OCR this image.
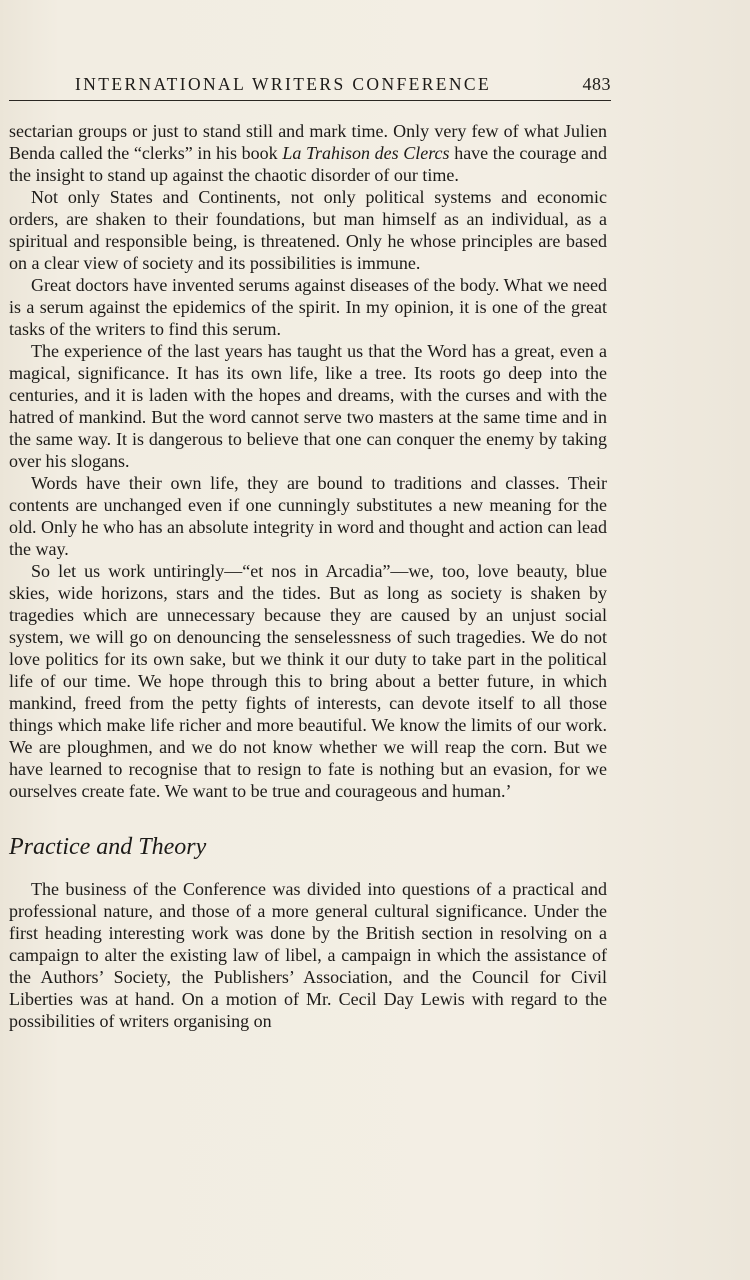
INTERNATIONAL WRITERS CONFERENCE	483

sectarian groups or just to stand still and mark time. Only very few of what Julien Benda called the “clerks” in his book La Trahison des Clercs have the courage and the insight to stand up against the chaotic disorder of our time.

Not only States and Continents, not only political systems and economic orders, are shaken to their foundations, but man himself as an individual, as a spiritual and responsible being, is threatened. Only he whose principles are based on a clear view of society and its possibilities is immune.

Great doctors have invented serums against diseases of the body. What we need is a serum against the epidemics of the spirit. In my opinion, it is one of the great tasks of the writers to find this serum.

The experience of the last years has taught us that the Word has a great, even a magical, significance. It has its own life, like a tree. Its roots go deep into the centuries, and it is laden with the hopes and dreams, with the curses and with the hatred of mankind. But the word cannot serve two masters at the same time and in the same way. It is dangerous to believe that one can conquer the enemy by taking over his slogans.

Words have their own life, they are bound to traditions and classes. Their contents are unchanged even if one cunningly substitutes a new meaning for the old. Only he who has an absolute integrity in word and thought and action can lead the way.

So let us work untiringly—“et nos in Arcadia”—we, too, love beauty, blue skies, wide horizons, stars and the tides. But as long as society is shaken by tragedies which are unnecessary because they are caused by an unjust social system, we will go on denouncing the senselessness of such tragedies. We do not love politics for its own sake, but we think it our duty to take part in the political life of our time. We hope through this to bring about a better future, in which mankind, freed from the petty fights of interests, can devote itself to all those things which make life richer and more beautiful. We know the limits of our work. We are ploughmen, and we do not know whether we will reap the corn. But we have learned to recognise that to resign to fate is nothing but an evasion, for we ourselves create fate. We want to be true and courageous and human.’

Practice and Theory

The business of the Conference was divided into questions of a practical and professional nature, and those of a more general cultural significance. Under the first heading interesting work was done by the British section in resolving on a campaign to alter the existing law of libel, a campaign in which the assistance of the Authors’ Society, the Publishers’ Association, and the Council for Civil Liberties was at hand. On a motion of Mr. Cecil Day Lewis with regard to the possibilities of writers organising on
